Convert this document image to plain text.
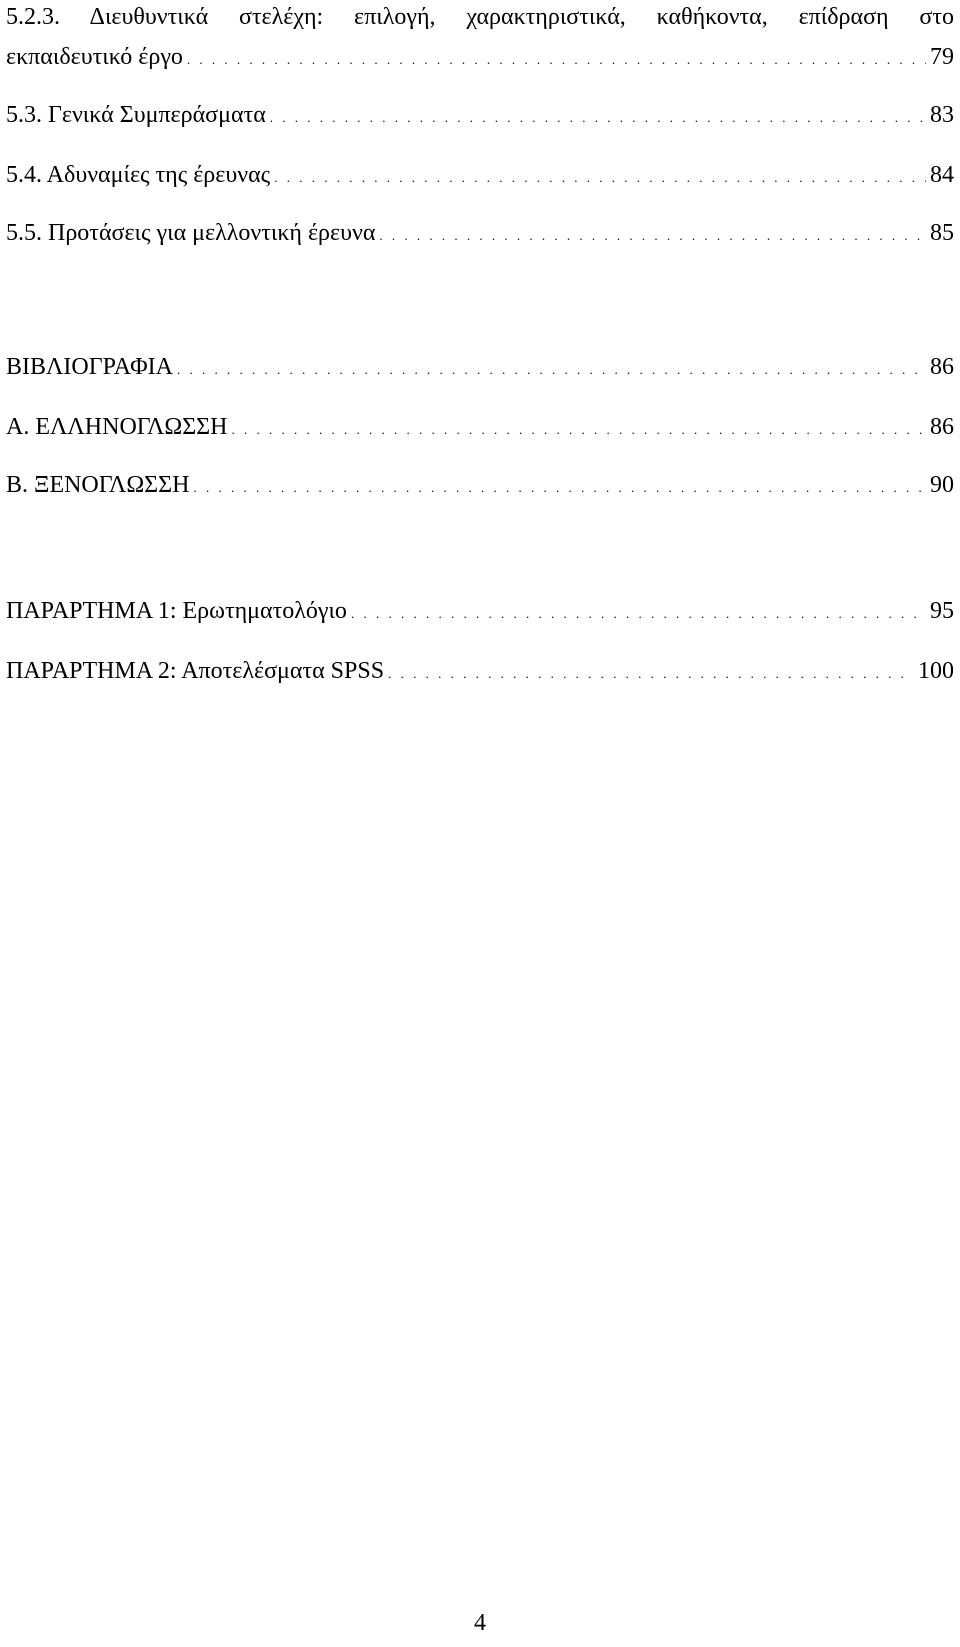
5.2.3. Διευθυντικά στελέχη: επιλογή, χαρακτηριστικά, καθήκοντα, επίδραση στο
εκπαιδευτικό έργο . . .	79
5.3. Γενικά Συμπεράσματα . . .	83
5.4. Αδυναμίες της έρευνας . . .	84
5.5. Προτάσεις για μελλοντική έρευνα . . .	85
ΒΙΒΛΙΟΓΡΑΦΙΑ . . .	86
Α. ΕΛΛΗΝΟΓΛΩΣΣΗ . . .	86
Β. ΞΕΝΟΓΛΩΣΣΗ . . .	90
ΠΑΡΑΡΤΗΜΑ 1: Ερωτηματολόγιο . . .	95
ΠΑΡΑΡΤΗΜΑ 2: Αποτελέσματα SPSS . . .	100
4
